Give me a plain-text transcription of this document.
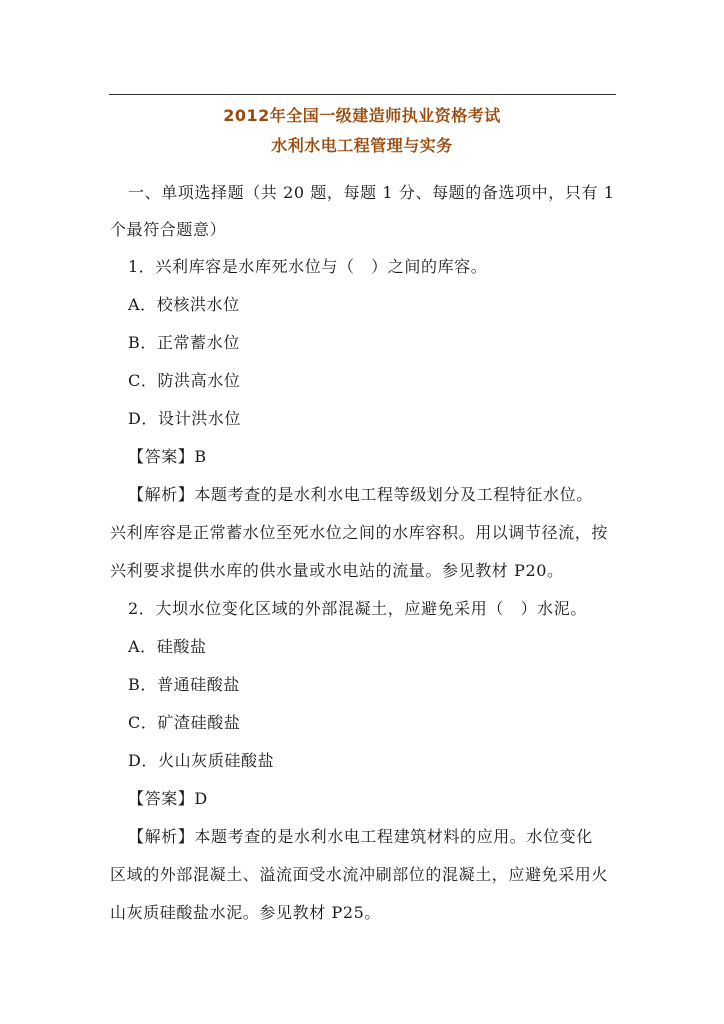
2012年全国一级建造师执业资格考试
水利水电工程管理与实务
一、单项选择题（共 20 题，每题 1 分、每题的备选项中，只有 1
个最符合题意）
1．兴利库容是水库死水位与（　）之间的库容。
A．校核洪水位
B．正常蓄水位
C．防洪高水位
D．设计洪水位
【答案】B
【解析】本题考查的是水利水电工程等级划分及工程特征水位。
兴利库容是正常蓄水位至死水位之间的水库容积。用以调节径流，按
兴利要求提供水库的供水量或水电站的流量。参见教材 P20。
2．大坝水位变化区域的外部混凝土，应避免采用（　）水泥。
A．硅酸盐
B．普通硅酸盐
C．矿渣硅酸盐
D．火山灰质硅酸盐
【答案】D
【解析】本题考查的是水利水电工程建筑材料的应用。水位变化
区域的外部混凝土、溢流面受水流冲刷部位的混凝土，应避免采用火
山灰质硅酸盐水泥。参见教材 P25。
